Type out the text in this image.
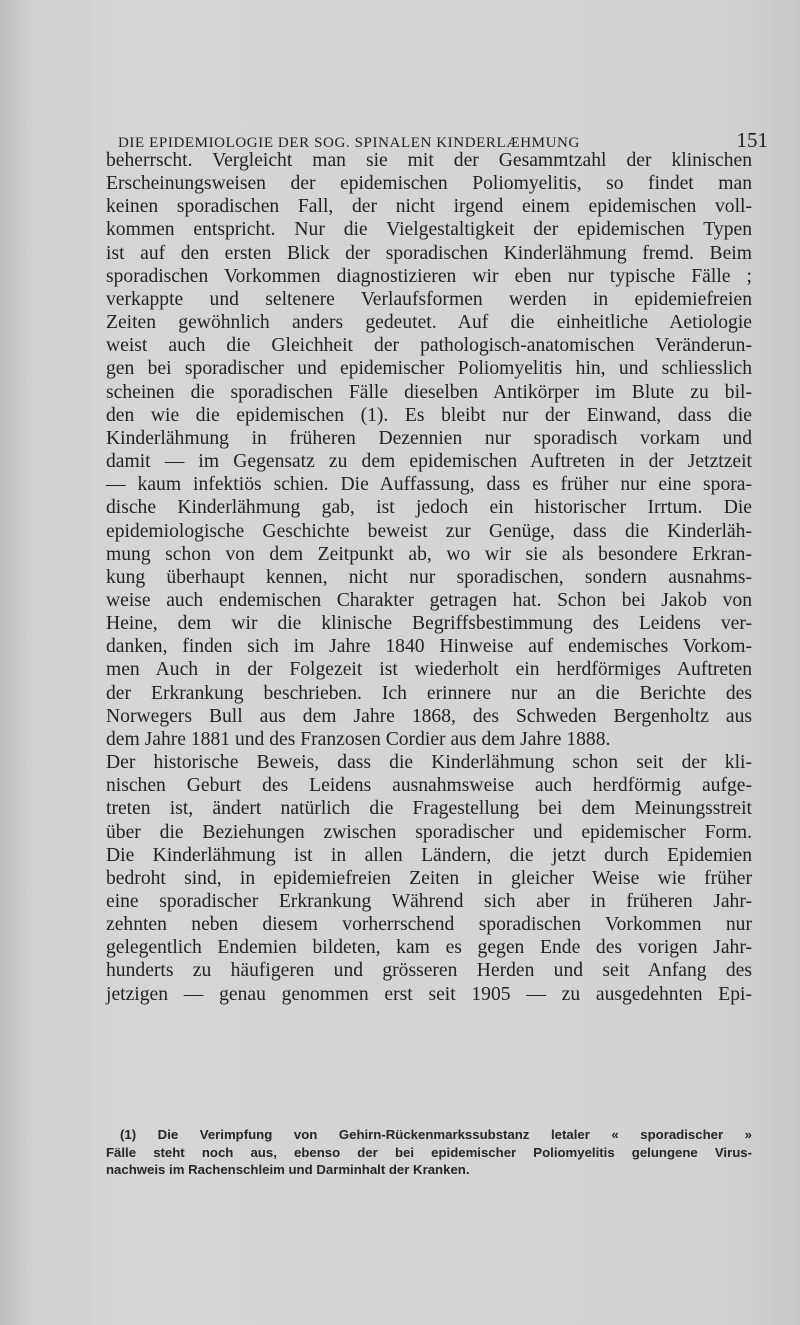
DIE EPIDEMIOLOGIE DER SOG. SPINALEN KINDERLÆHMUNG	151
beherrscht. Vergleicht man sie mit der Gesammtzahl der klinischen
Erscheinungsweisen der epidemischen Poliomyelitis, so findet man
keinen sporadischen Fall, der nicht irgend einem epidemischen voll-
kommen entspricht. Nur die Vielgestaltigkeit der epidemischen Typen
ist auf den ersten Blick der sporadischen Kinderlähmung fremd. Beim
sporadischen Vorkommen diagnostizieren wir eben nur typische Fälle ;
verkappte und seltenere Verlaufsformen werden in epidemiefreien
Zeiten gewöhnlich anders gedeutet. Auf die einheitliche Aetiologie
weist auch die Gleichheit der pathologisch-anatomischen Veränderun-
gen bei sporadischer und epidemischer Poliomyelitis hin, und schliesslich
scheinen die sporadischen Fälle dieselben Antikörper im Blute zu bil-
den wie die epidemischen (1). Es bleibt nur der Einwand, dass die
Kinderlähmung in früheren Dezennien nur sporadisch vorkam und
damit — im Gegensatz zu dem epidemischen Auftreten in der Jetztzeit
— kaum infektiös schien. Die Auffassung, dass es früher nur eine spora-
dische Kinderlähmung gab, ist jedoch ein historischer Irrtum. Die
epidemiologische Geschichte beweist zur Genüge, dass die Kinderläh-
mung schon von dem Zeitpunkt ab, wo wir sie als besondere Erkran-
kung überhaupt kennen, nicht nur sporadischen, sondern ausnahms-
weise auch endemischen Charakter getragen hat. Schon bei Jakob von
Heine, dem wir die klinische Begriffsbestimmung des Leidens ver-
danken, finden sich im Jahre 1840 Hinweise auf endemisches Vorkom-
men Auch in der Folgezeit ist wiederholt ein herdförmiges Auftreten
der Erkrankung beschrieben. Ich erinnere nur an die Berichte des
Norwegers Bull aus dem Jahre 1868, des Schweden Bergenholtz aus
dem Jahre 1881 und des Franzosen Cordier aus dem Jahre 1888.
Der historische Beweis, dass die Kinderlähmung schon seit der kli-
nischen Geburt des Leidens ausnahmsweise auch herdförmig aufge-
treten ist, ändert natürlich die Fragestellung bei dem Meinungsstreit
über die Beziehungen zwischen sporadischer und epidemischer Form.
Die Kinderlähmung ist in allen Ländern, die jetzt durch Epidemien
bedroht sind, in epidemiefreien Zeiten in gleicher Weise wie früher
eine sporadischer Erkrankung Während sich aber in früheren Jahr-
zehnten neben diesem vorherrschend sporadischen Vorkommen nur
gelegentlich Endemien bildeten, kam es gegen Ende des vorigen Jahr-
hunderts zu häufigeren und grösseren Herden und seit Anfang des
jetzigen — genau genommen erst seit 1905 — zu ausgedehnten Epi-
(1) Die Verimpfung von Gehirn-Rückenmarkssubstanz letaler « sporadischer »
Fälle steht noch aus, ebenso der bei epidemischer Poliomyelitis gelungene Virus-
nachweis im Rachenschleim und Darminhalt der Kranken.
